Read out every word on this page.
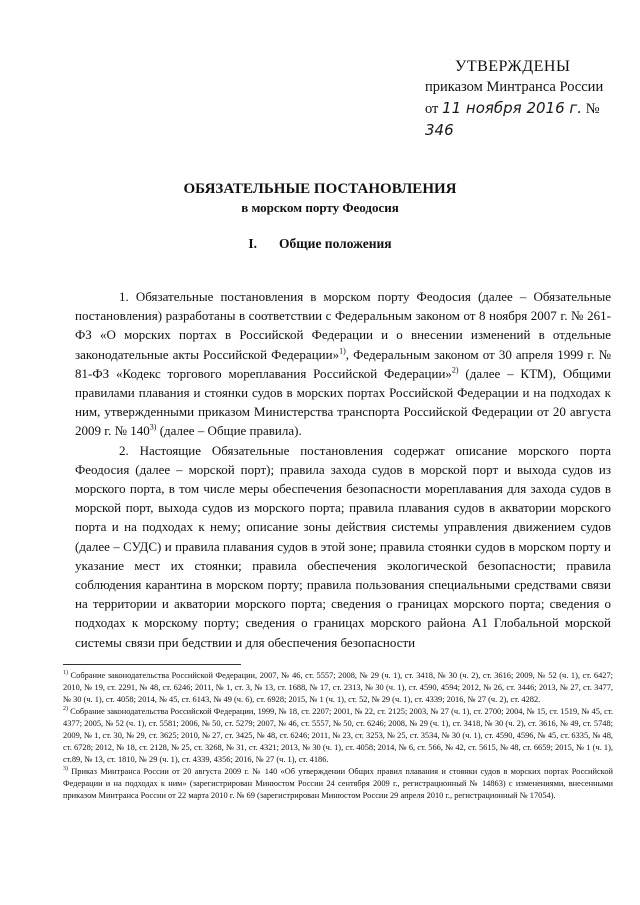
УТВЕРЖДЕНЫ
приказом Минтранса России
от 11 ноября 2016 г. № 346
ОБЯЗАТЕЛЬНЫЕ ПОСТАНОВЛЕНИЯ
в морском порту Феодосия
I. Общие положения

1. Обязательные постановления в морском порту Феодосия (далее – Обязательные постановления) разработаны в соответствии с Федеральным законом от 8 ноября 2007 г. № 261-ФЗ «О морских портах в Российской Федерации и о внесении изменений в отдельные законодательные акты Российской Федерации»$^{1)}$, Федеральным законом от 30 апреля 1999 г. № 81-ФЗ «Кодекс торгового мореплавания Российской Федерации»$^{2)}$ (далее – КТМ), Общими правилами плавания и стоянки судов в морских портах Российской Федерации и на подходах к ним, утвержденными приказом Министерства транспорта Российской Федерации от 20 августа 2009 г. № 140$^{3)}$ (далее – Общие правила).

2. Настоящие Обязательные постановления содержат описание морского порта Феодосия (далее – морской порт); правила захода судов в морской порт и выхода судов из морского порта, в том числе меры обеспечения безопасности мореплавания для захода судов в морской порт, выхода судов из морского порта; правила плавания судов в акватории морского порта и на подходах к нему; описание зоны действия системы управления движением судов (далее – СУДС) и правила плавания судов в этой зоне; правила стоянки судов в морском порту и указание мест их стоянки; правила обеспечения экологической безопасности; правила соблюдения карантина в морском порту; правила пользования специальными средствами связи на территории и акватории морского порта; сведения о границах морского порта; сведения о подходах к морскому порту; сведения о границах морского района А1 Глобальной морской системы связи при бедствии и для обеспечения безопасности

$^{1)}$ Собрание законодательства Российской Федерации, 2007, № 46, ст. 5557; 2008, № 29 (ч. 1), ст. 3418, № 30 (ч. 2), ст. 3616; 2009, № 52 (ч. 1), ст. 6427; 2010, № 19, ст. 2291, № 48, ст. 6246; 2011, № 1, ст. 3, № 13, ст. 1688, № 17, ст. 2313, № 30 (ч. 1), ст. 4590, 4594; 2012, № 26, ст. 3446; 2013, № 27, ст. 3477, № 30 (ч. 1), ст. 4058; 2014, № 45, ст. 6143, № 49 (ч. 6), ст. 6928; 2015, № 1 (ч. 1), ст. 52, № 29 (ч. 1), ст. 4339; 2016, № 27 (ч. 2), ст. 4282.

$^{2)}$ Собрание законодательства Российской Федерации, 1999, № 18, ст. 2207; 2001, № 22, ст. 2125; 2003, № 27 (ч. 1), ст. 2700; 2004, № 15, ст. 1519, № 45, ст. 4377; 2005, № 52 (ч. 1), ст. 5581; 2006, № 50, ст. 5279; 2007, № 46, ст. 5557, № 50, ст. 6246; 2008, № 29 (ч. 1), ст. 3418, № 30 (ч. 2), ст. 3616, № 49, ст. 5748; 2009, № 1, ст. 30, № 29, ст. 3625; 2010, № 27, ст. 3425, № 48, ст. 6246; 2011, № 23, ст. 3253, № 25, ст. 3534, № 30 (ч. 1), ст. 4590, 4596, № 45, ст. 6335, № 48, ст. 6728; 2012, № 18, ст. 2128, № 25, ст. 3268, № 31, ст. 4321; 2013, № 30 (ч. 1), ст. 4058; 2014, № 6, ст. 566, № 42, ст. 5615, № 48, ст. 6659; 2015, № 1 (ч. 1), ст.89, № 13, ст. 1810, № 29 (ч. 1), ст. 4339, 4356; 2016, № 27 (ч. 1), ст. 4186.

$^{3)}$ Приказ Минтранса России от 20 августа 2009 г. № 140 «Об утверждении Общих правил плавания и стоянки судов в морских портах Российской Федерации и на подходах к ним» (зарегистрирован Минюстом России 24 сентября 2009 г., регистрационный № 14863) с изменениями, внесенными приказом Минтранса России от 22 марта 2010 г. № 69 (зарегистрирован Минюстом России 29 апреля 2010 г., регистрационный № 17054).
